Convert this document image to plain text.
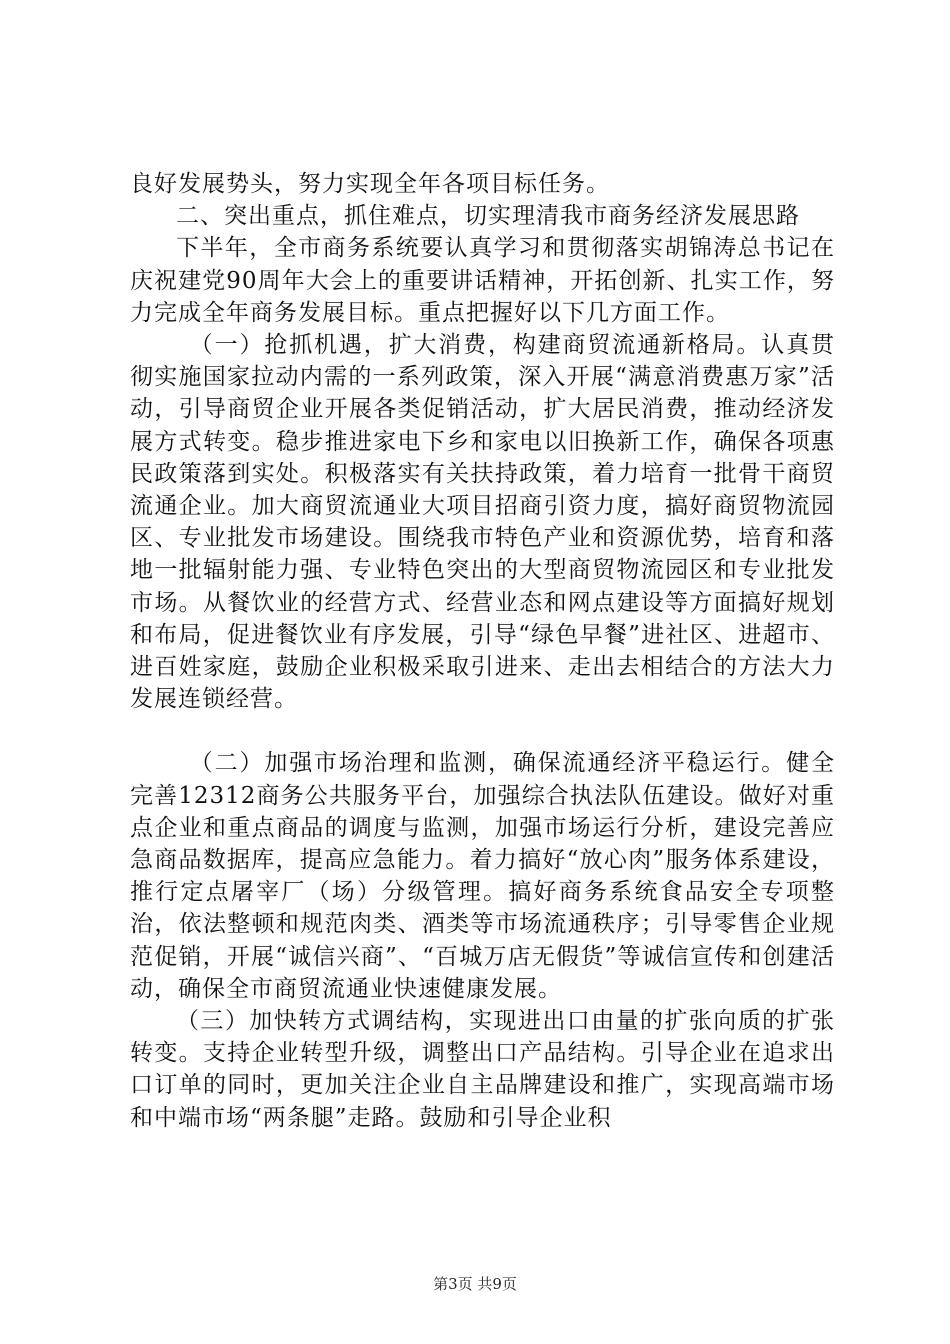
良好发展势头，努力实现全年各项目标任务。

二、突出重点，抓住难点，切实理清我市商务经济发展思路

下半年，全市商务系统要认真学习和贯彻落实胡锦涛总书记在庆祝建党90周年大会上的重要讲话精神，开拓创新、扎实工作，努力完成全年商务发展目标。重点把握好以下几方面工作。

（一）抢抓机遇，扩大消费，构建商贸流通新格局。认真贯彻实施国家拉动内需的一系列政策，深入开展“满意消费惠万家”活动，引导商贸企业开展各类促销活动，扩大居民消费，推动经济发展方式转变。稳步推进家电下乡和家电以旧换新工作，确保各项惠民政策落到实处。积极落实有关扶持政策，着力培育一批骨干商贸流通企业。加大商贸流通业大项目招商引资力度，搞好商贸物流园区、专业批发市场建设。围绕我市特色产业和资源优势，培育和落地一批辐射能力强、专业特色突出的大型商贸物流园区和专业批发市场。从餐饮业的经营方式、经营业态和网点建设等方面搞好规划和布局，促进餐饮业有序发展，引导“绿色早餐”进社区、进超市、进百姓家庭，鼓励企业积极采取引进来、走出去相结合的方法大力发展连锁经营。

（二）加强市场治理和监测，确保流通经济平稳运行。健全完善12312商务公共服务平台，加强综合执法队伍建设。做好对重点企业和重点商品的调度与监测，加强市场运行分析，建设完善应急商品数据库，提高应急能力。着力搞好“放心肉”服务体系建设，推行定点屠宰厂（场）分级管理。搞好商务系统食品安全专项整治，依法整顿和规范肉类、酒类等市场流通秩序；引导零售企业规范促销，开展“诚信兴商”、“百城万店无假货”等诚信宣传和创建活动，确保全市商贸流通业快速健康发展。

（三）加快转方式调结构，实现进出口由量的扩张向质的扩张转变。支持企业转型升级，调整出口产品结构。引导企业在追求出口订单的同时，更加关注企业自主品牌建设和推广，实现高端市场和中端市场“两条腿”走路。鼓励和引导企业积

第3页 共9页
